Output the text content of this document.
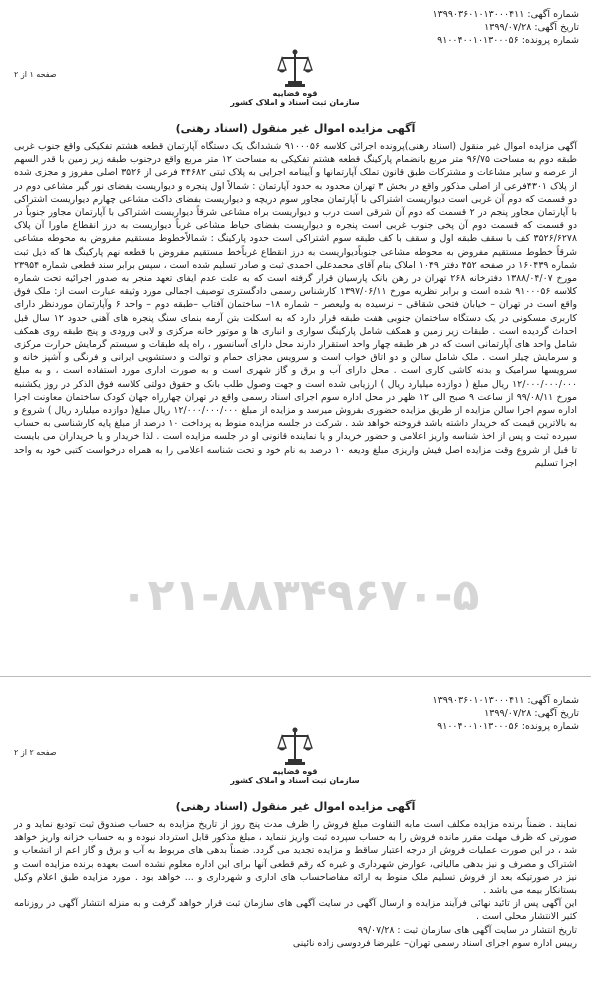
شماره آگهی: ۱۳۹۹۰۳۶۰۱۰۱۳۰۰۰۴۱۱
تاریخ آگهی: ۱۳۹۹/۰۷/۲۸
شماره پرونده: ۹۱۰۰۴۰۰۱۰۱۳۰۰۰۵۶
قوه قضاییه
سازمان ثبت اسناد و املاک کشور
صفحه ۱ از ۲
آگهی مزایده اموال غیر منقول (اسناد رهنی)

آگهی مزایده اموال غیر منقول (اسناد رهنی)پرونده اجرائی کلاسه ۹۱۰۰۰۵۶ ششدانگ یک دستگاه آپارتمان قطعه هشتم تفکیکی واقع جنوب غربی طبقه دوم به مساحت ۹۶/۷۵ متر مربع بانضمام پارکینگ قطعه هشتم تفکیکی به مساحت ۱۲ متر مربع واقع درجنوب طبقه زیر زمین با قدر السهم از عرصه و سایر مشاعات و مشترکات طبق قانون تملک آپارتمانها و آیینامه اجرایی به پلاک ثبتی ۴۴۶۸۲ فرعی از ۳۵۲۶ اصلی مفروز و مجزی شده از پلاک ۴۳۰۱فرعی از اصلی مذکور واقع در بخش ۳ تهران محدود به حدود آپارتمان : شمالاً اول پنجره و دیواریست بفضای نور گیر مشاعی دوم در دو قسمت که دوم آن غربی است دیواریست اشتراکی با آپارتمان مجاور سوم دریچه و دیواریست بفضای داکت مشاعی چهارم دیواریست اشتراکی با آپارتمان مجاور پنجم در ۲ قسمت که دوم آن شرقی است درب و دیواریست براه مشاعی شرقاً دیواریست اشتراکی با آپارتمان مجاور جنوباً در دو قسمت که قسمت دوم آن پخی جنوب غربی است پنجره و دیواریست بفضای حیاط مشاعی غرباً دیواریست به درز انقطاع ماورا آن پلاک ۳۵۲۶/۶۲۷۸ کف با سقف طبقه اول و سقف با کف طبقه سوم اشتراکی است حدود پارکینگ : شمالاًخطوط مستقیم مفروض به محوطه مشاعی شرقاً خطوط مستقیم مفروض به محوطه مشاعی جنوباًدیواریست به درز انقطاع غرباًخط مستقیم مفروض با قطعه نهم پارکینگ ها که ذیل ثبت شماره ۱۶۰۴۳۹ در صفحه ۴۵۲ دفتر ۱۰۴۹ املاک بنام آقای محمدعلی احمدی ثبت و صادر تسلیم شده است ، سپس برابر سند قطعی شماره ۲۳۹۵۴ مورخ ۱۳۸۸/۰۴/۰۷ دفترخانه ۲۶۸ تهران در رهن بانک پارسیان قرار گرفته است که به علت عدم ایفای تعهد منجر به صدور اجرائیه تحت شماره کلاسه ۹۱۰۰۰۵۶ شده است و برابر نظریه مورخ ۱۳۹۷/۰۶/۱۱ کارشناس رسمی دادگستری توصیف اجمالی مورد وثیقه عبارت است از: ملک فوق واقع است در تهران – خیابان فتحی شقاقی – نرسیده به ولیعصر – شماره ۱۸– ساختمان آفتاب –طبقه دوم – واحد ۶ وآپارتمان موردنظر دارای کاربری مسکونی در یک دستگاه ساختمان جنوبی هفت طبقه قرار دارد که به اسکلت بتن آرمه بنمای سنگ پنجره های آهنی حدود ۱۲ سال قبل احداث گردیده است . طبقات زیر زمین و همکف شامل پارکینگ سواری و انباری ها و موتور خانه مرکزی و لابی ورودی و پنج طبقه روی همکف شامل واحد های آپارتمانی است که در هر طبقه چهار واحد استقرار دارند محل دارای آسانسور ، راه پله طبقات و سیستم گرمایش حرارت مرکزی و سرمایش چیلر است . ملک شامل سالن و دو اتاق خواب است و سرویس مجزای حمام و توالت و دستشویی ایرانی و فرنگی و آشپز خانه و سرویسها سرامیک و بدنه کاشی کاری است . محل دارای آب و برق و گاز شهری است و به صورت اداری مورد استفاده است ، و به مبلغ ۱۲/۰۰۰/۰۰۰/۰۰۰ ریال مبلغ ( دوازده میلیارد ریال ) ارزیابی شده است و جهت وصول طلب بانک و حقوق دولتی کلاسه فوق الذکر در روز یکشنبه مورخ ۹۹/۰۸/۱۱ از ساعت ۹ صبح الی ۱۲ ظهر در محل اداره سوم اجرای اسناد رسمی واقع در تهران چهارراه جهان کودک ساختمان معاونت اجرا اداره سوم اجرا سالن مزایده از طریق مزایده حضوری بفروش میرسد و مزایده از مبلغ ۱۲/۰۰۰/۰۰۰/۰۰۰ ریال مبلغ( دوازده میلیارد ریال ) شروع و به بالاترین قیمت که خریدار داشته باشد فروخته خواهد شد . شرکت در جلسه مزایده منوط به پرداخت ۱۰ درصد از مبلغ پایه کارشناسی به حساب سپرده ثبت و پس از اخذ شناسه واریز اعلامی و حضور خریدار و یا نماینده قانونی او در جلسه مزایده است . لذا خریدار و یا خریداران می بایست تا قبل از شروع وقت مزایده اصل فیش واریزی مبلغ ودیعه ۱۰ درصد به نام خود و تحت شناسه اعلامی را به همراه درخواست کتبی خود به واحد اجرا تسلیم

۰۲۱-۸۸۳۴۹۶۷۰-۵
شماره آگهی: ۱۳۹۹۰۳۶۰۱۰۱۳۰۰۰۴۱۱
تاریخ آگهی: ۱۳۹۹/۰۷/۲۸
شماره پرونده: ۹۱۰۰۴۰۰۱۰۱۳۰۰۰۵۶
قوه قضاییه
سازمان ثبت اسناد و املاک کشور
صفحه ۲ از ۲
آگهی مزایده اموال غیر منقول (اسناد رهنی)

نمایند . ضمناً برنده مزایده مکلف است مابه التفاوت مبلغ فروش را ظرف مدت پنج روز از تاریخ مزایده به حساب صندوق ثبت تودیع نماید و در صورتی که ظرف مهلت مقرر مانده فروش را به حساب سپرده ثبت واریز ننماید ، مبلغ مذکور قابل استرداد نبوده و به حساب خزانه واریز خواهد شد ، در این صورت عملیات فروش از درجه اعتبار ساقط و مزایده تجدید می گردد. ضمناً بدهی های مربوط به آب و برق و گاز اعم از انشعاب و اشتراک و مصرف و نیز بدهی مالیاتی، عوارض شهرداری و غیره که رقم قطعی آنها برای این اداره معلوم نشده است بعهده برنده مزایده است و نیز در صورتیکه بعد از فروش تسلیم ملک منوط به ارائه مفاصاحساب های اداری و شهرداری و ... خواهد بود . مورد مزایده طبق اعلام وکیل بستانکار بیمه می باشد .

این آگهی پس از تائید نهائی فرآیند مزایده و ارسال آگهی در سایت آگهی های سازمان ثبت قرار خواهد گرفت و به منزله انتشار آگهی در روزنامه کثیر الانتشار محلی است .

تاریخ انتشار در سایت آگهی های سازمان ثبت : ۹۹/۰۷/۲۸

رییس اداره سوم اجرای اسناد رسمی تهران– علیرضا فردوسی زاده نائینی
